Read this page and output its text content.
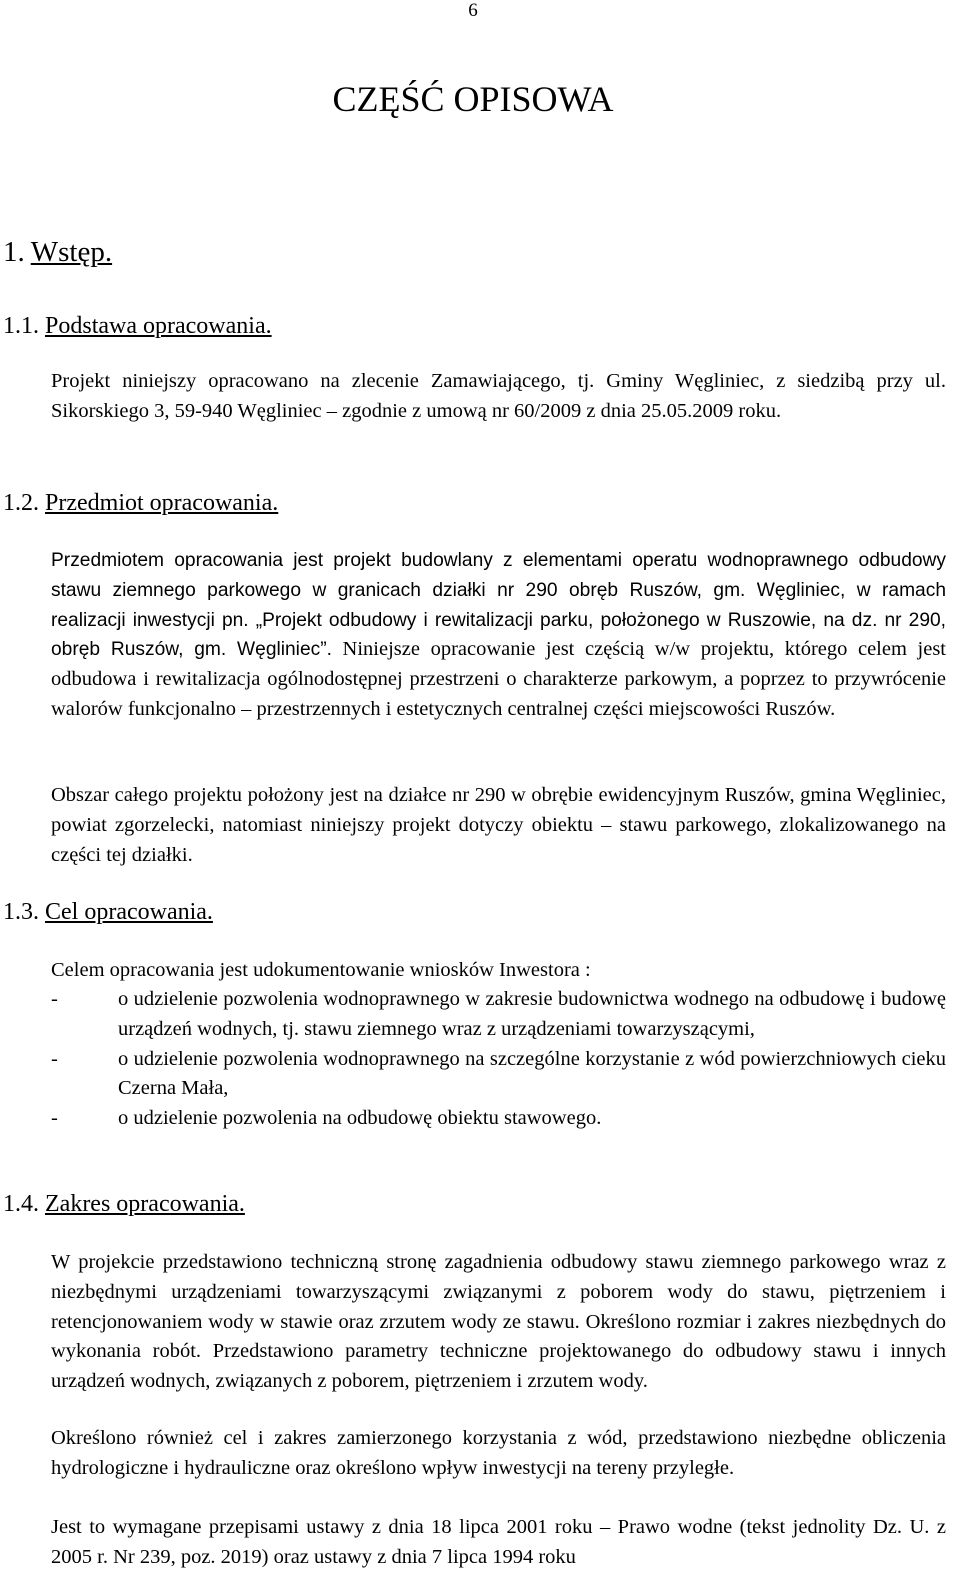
6
CZĘŚĆ OPISOWA
1. Wstęp.
1.1. Podstawa opracowania.

Projekt niniejszy opracowano na zlecenie Zamawiającego, tj. Gminy Węgliniec, z siedzibą przy ul. Sikorskiego 3, 59-940 Węgliniec – zgodnie z umową nr 60/2009 z dnia 25.05.2009 roku.

1.2. Przedmiot opracowania.

Przedmiotem opracowania jest projekt budowlany z elementami operatu wodnoprawnego odbudowy stawu ziemnego parkowego w granicach działki nr 290 obręb Ruszów, gm. Węgliniec, w ramach realizacji inwestycji pn. „Projekt odbudowy i rewitalizacji parku, położonego w Ruszowie, na dz. nr 290, obręb Ruszów, gm. Węgliniec”. Niniejsze opracowanie jest częścią w/w projektu, którego celem jest odbudowa i rewitalizacja ogólnodostępnej przestrzeni o charakterze parkowym, a poprzez to przywrócenie walorów funkcjonalno – przestrzennych i estetycznych centralnej części miejscowości Ruszów.

Obszar całego projektu położony jest na działce nr 290 w obrębie ewidencyjnym Ruszów, gmina Węgliniec, powiat zgorzelecki, natomiast niniejszy projekt dotyczy obiektu – stawu parkowego, zlokalizowanego na części tej działki.

1.3. Cel opracowania.

Celem opracowania jest udokumentowanie wniosków Inwestora :

-	o udzielenie pozwolenia wodnoprawnego w zakresie budownictwa wodnego na odbudowę i budowę urządzeń wodnych, tj. stawu ziemnego wraz z urządzeniami towarzyszącymi,
-	o udzielenie pozwolenia wodnoprawnego na szczególne korzystanie z wód powierzchniowych cieku Czerna Mała,
-	o udzielenie pozwolenia na odbudowę obiektu stawowego.
1.4. Zakres opracowania.

W projekcie przedstawiono techniczną stronę zagadnienia odbudowy stawu ziemnego parkowego wraz z niezbędnymi urządzeniami towarzyszącymi związanymi z poborem wody do stawu, piętrzeniem i retencjonowaniem wody w stawie oraz zrzutem wody ze stawu. Określono rozmiar i zakres niezbędnych do wykonania robót. Przedstawiono parametry techniczne projektowanego do odbudowy stawu i innych urządzeń wodnych, związanych z poborem, piętrzeniem i zrzutem wody.

Określono również cel i zakres zamierzonego korzystania z wód, przedstawiono niezbędne obliczenia hydrologiczne i hydrauliczne oraz określono wpływ inwestycji na tereny przyległe.

Jest to wymagane przepisami ustawy z dnia 18 lipca 2001 roku – Prawo wodne (tekst jednolity Dz. U. z 2005 r. Nr 239, poz. 2019) oraz ustawy z dnia 7 lipca 1994 roku
